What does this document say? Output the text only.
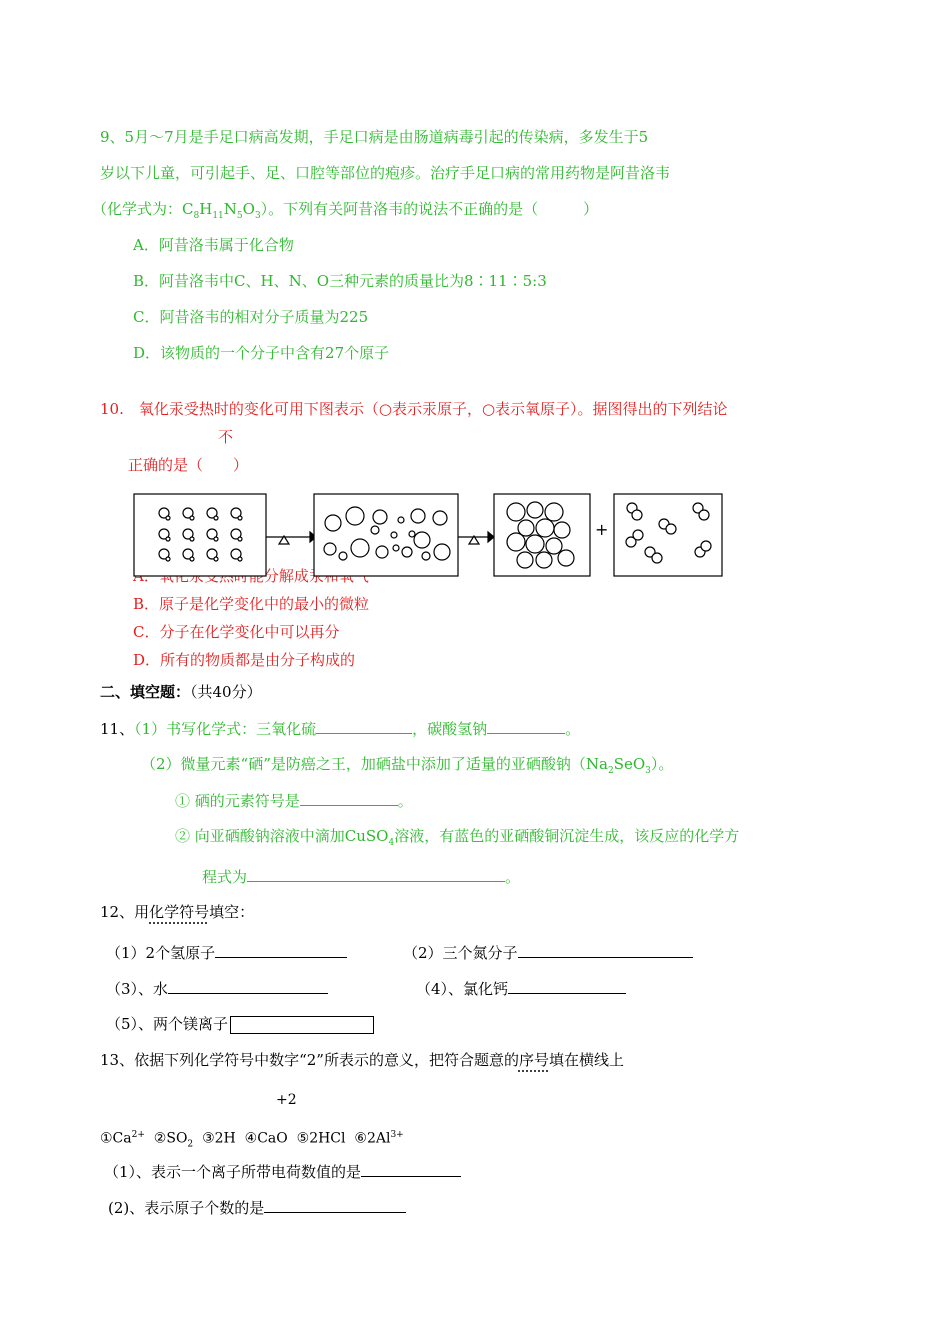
9、5月～7月是手足口病高发期，手足口病是由肠道病毒引起的传染病，多发生于5
岁以下儿童，可引起手、足、口腔等部位的疱疹。治疗手足口病的常用药物是阿昔洛韦
（化学式为：$C_8H_{11}N_5O_3$）。下列有关阿昔洛韦的说法不正确的是（　　　）
A．阿昔洛韦属于化合物
B．阿昔洛韦中C、H、N、O三种元素的质量比为8∶11∶5:3
C．阿昔洛韦的相对分子质量为225
D．该物质的一个分子中含有27个原子
10.　氧化汞受热时的变化可用下图表示（○表示汞原子，○表示氧原子）。据图得出的下列结论
不
正确的是（　　）
+
B．原子是化学变化中的最小的微粒
C．分子在化学变化中可以再分
D．所有的物质都是由分子构成的
二、填空题：（共40分）
11、（1）书写化学式：三氧化硫	，碳酸氢钠	。
（2）微量元素“硒”是防癌之王，加硒盐中添加了适量的亚硒酸钠$(Na_2SeO_3)$。
① 硒的元素符号是	。
② 向亚硒酸钠溶液中滴加CuSO$_4$溶液，有蓝色的亚硒酸铜沉淀生成，该反应的化学方
程式为	。
12、用化学符号填空：
（1）2个氢原子	（2）三个氮分子
（3）、水	（4）、氯化钙
（5）、两个镁离子
13、依据下列化学符号中数字“2”所表示的意义，把符合题意的序号填在横线上
+2
$①Ca^{2+}$ $②SO_2$ ③2H ④CaO ⑤2HCl $⑥2Al^{3+}$
（1）、表示一个离子所带电荷数值的是
(2)、表示原子个数的是
